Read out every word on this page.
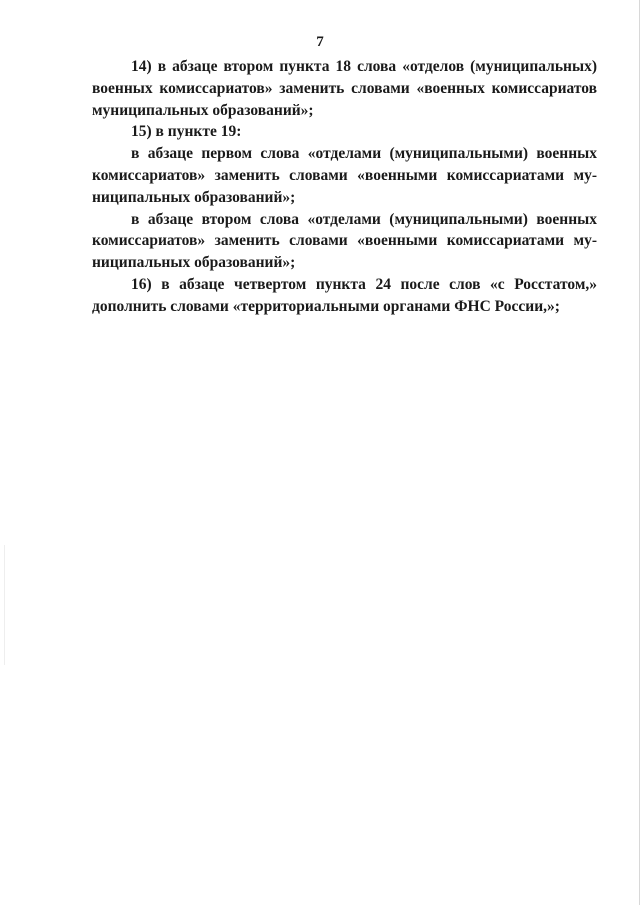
7

14) в абзаце втором пункта 18 слова «отделов (муниципальных)
военных комиссариатов» заменить словами «военных комиссариатов
муниципальных образований»;

15) в пункте 19:

в абзаце первом слова «отделами (муниципальными) военных
комиссариатов» заменить словами «военными комиссариатами му-
ниципальных образований»;

в абзаце втором слова «отделами (муниципальными) военных
комиссариатов» заменить словами «военными комиссариатами му-
ниципальных образований»;

16) в абзаце четвертом пункта 24 после слов «с Росстатом,»
дополнить словами «территориальными органами ФНС России,»;
